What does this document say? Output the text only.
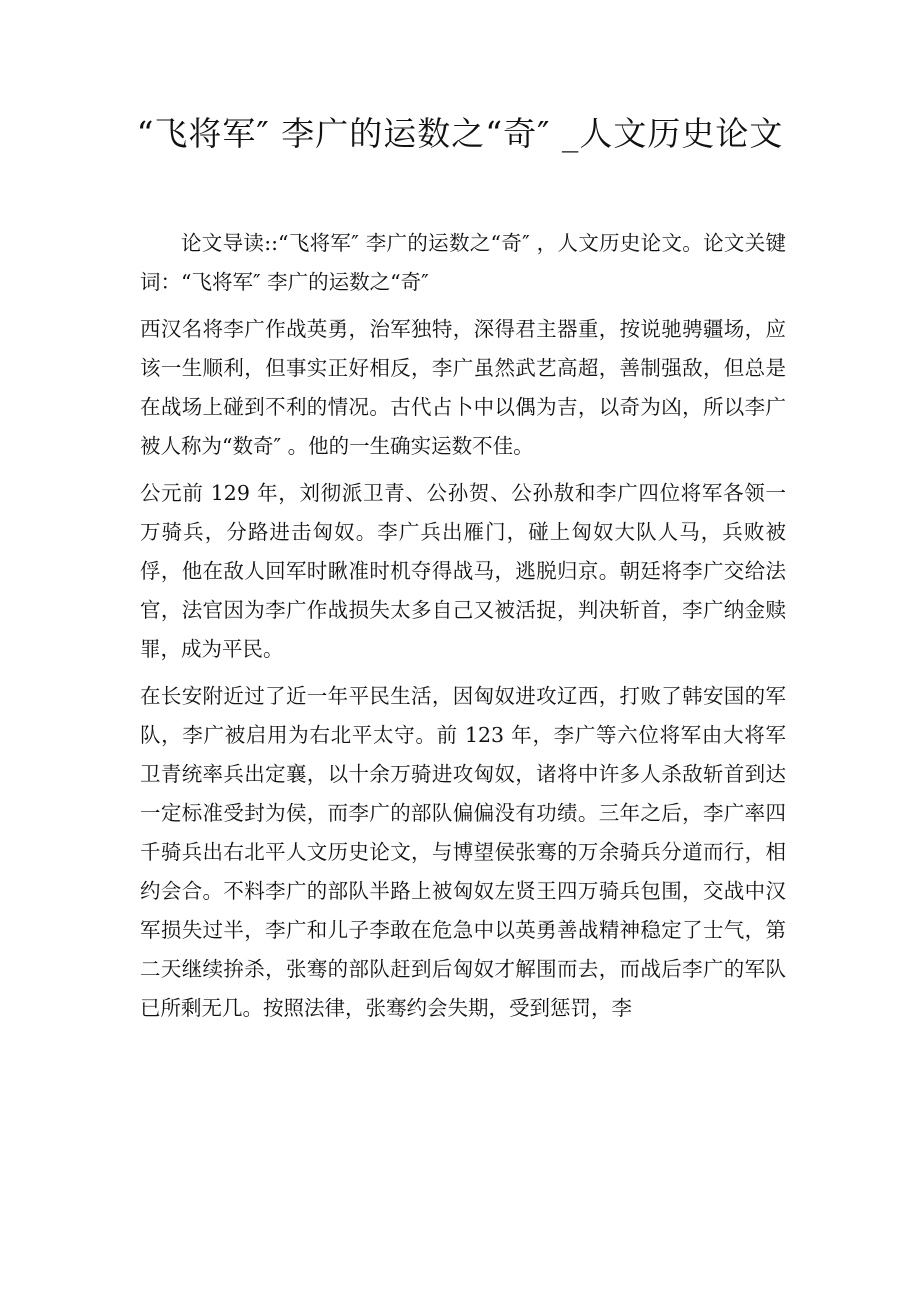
“飞将军″ 李广的运数之“奇″ _人文历史论文

论文导读::“飞将军″ 李广的运数之“奇″ ，人文历史论文。论文关键词：“飞将军″ 李广的运数之“奇″

西汉名将李广作战英勇，治军独特，深得君主器重，按说驰骋疆场，应该一生顺利，但事实正好相反，李广虽然武艺高超，善制强敌，但总是在战场上碰到不利的情况。古代占卜中以偶为吉，以奇为凶，所以李广被人称为“数奇″ 。他的一生确实运数不佳。

公元前 129 年，刘彻派卫青、公孙贺、公孙敖和李广四位将军各领一万骑兵，分路进击匈奴。李广兵出雁门，碰上匈奴大队人马，兵败被俘，他在敌人回军时瞅准时机夺得战马，逃脱归京。朝廷将李广交给法官，法官因为李广作战损失太多自己又被活捉，判决斩首，李广纳金赎罪，成为平民。

在长安附近过了近一年平民生活，因匈奴进攻辽西，打败了韩安国的军队，李广被启用为右北平太守。前 123 年，李广等六位将军由大将军卫青统率兵出定襄，以十余万骑进攻匈奴，诸将中许多人杀敌斩首到达一定标准受封为侯，而李广的部队偏偏没有功绩。三年之后，李广率四千骑兵出右北平人文历史论文，与博望侯张骞的万余骑兵分道而行，相约会合。不料李广的部队半路上被匈奴左贤王四万骑兵包围，交战中汉军损失过半，李广和儿子李敢在危急中以英勇善战精神稳定了士气，第二天继续拚杀，张骞的部队赶到后匈奴才解围而去，而战后李广的军队已所剩无几。按照法律，张骞约会失期，受到惩罚，李
